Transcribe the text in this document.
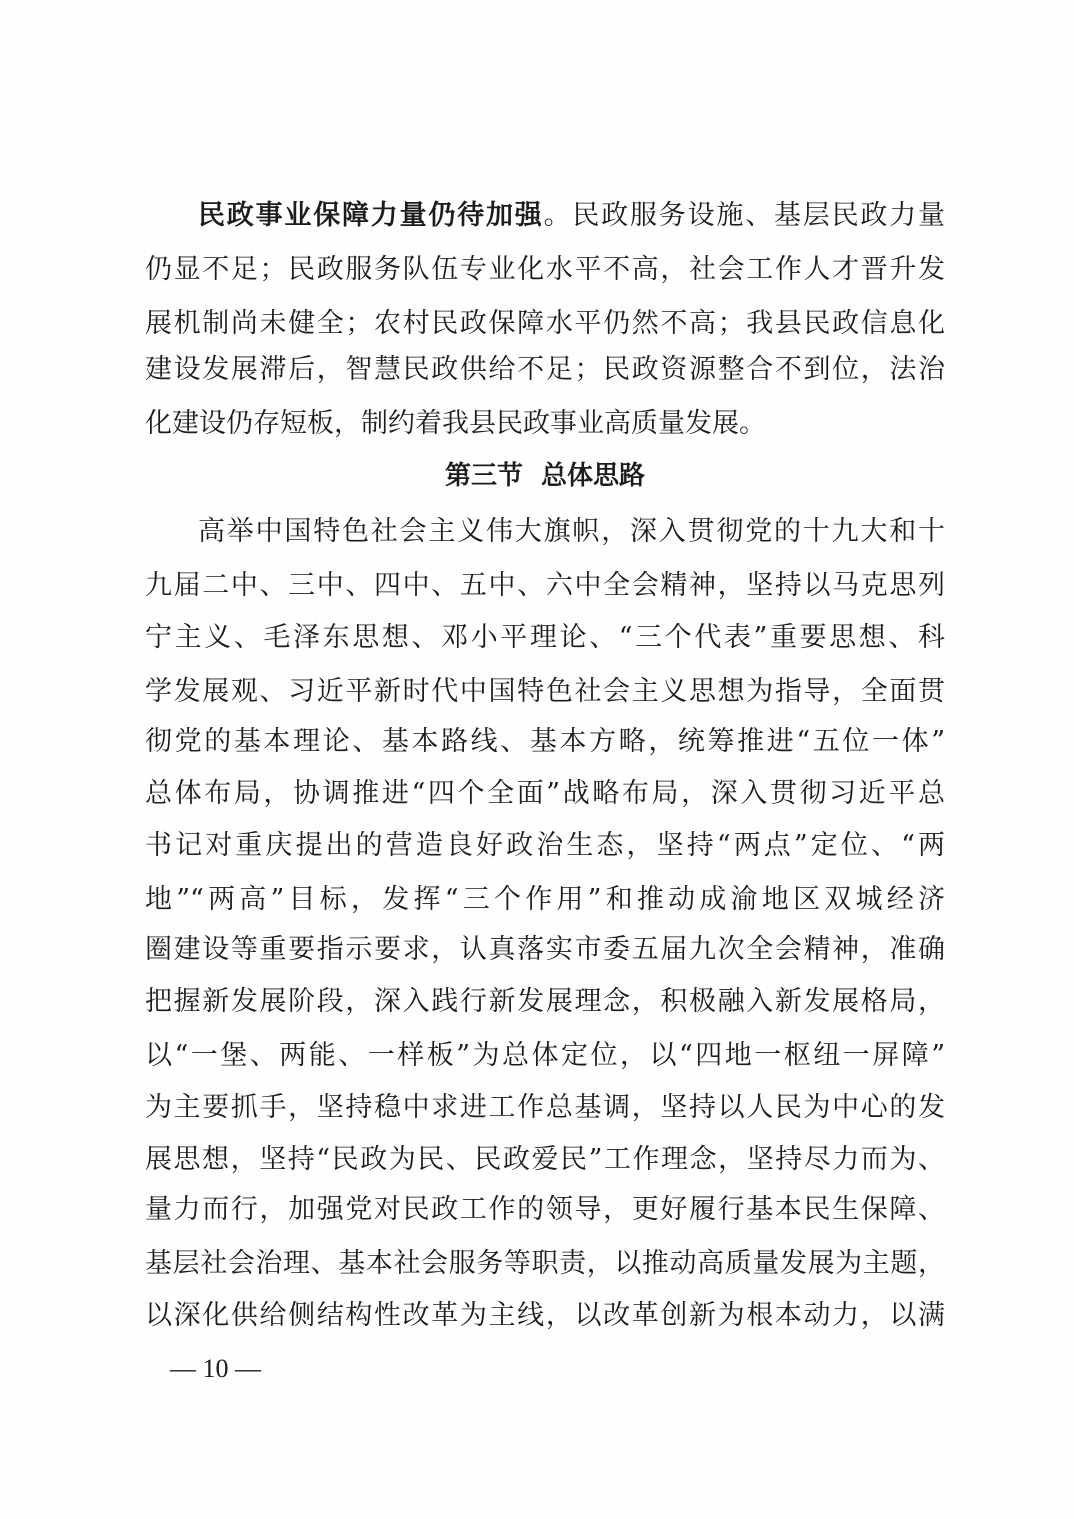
民政事业保障力量仍待加强。民政服务设施、基层民政力量
仍显不足；民政服务队伍专业化水平不高，社会工作人才晋升发
展机制尚未健全；农村民政保障水平仍然不高；我县民政信息化
建设发展滞后，智慧民政供给不足；民政资源整合不到位，法治
化建设仍存短板，制约着我县民政事业高质量发展。
第三节  总体思路
高举中国特色社会主义伟大旗帜，深入贯彻党的十九大和十
九届二中、三中、四中、五中、六中全会精神，坚持以马克思列
宁主义、毛泽东思想、邓小平理论、“三个代表”重要思想、科
学发展观、习近平新时代中国特色社会主义思想为指导，全面贯
彻党的基本理论、基本路线、基本方略，统筹推进“五位一体”
总体布局，协调推进“四个全面”战略布局，深入贯彻习近平总
书记对重庆提出的营造良好政治生态，坚持“两点”定位、“两
地”“两高”目标，发挥“三个作用”和推动成渝地区双城经济
圈建设等重要指示要求，认真落实市委五届九次全会精神，准确
把握新发展阶段，深入践行新发展理念，积极融入新发展格局，
以“一堡、两能、一样板”为总体定位，以“四地一枢纽一屏障”
为主要抓手，坚持稳中求进工作总基调，坚持以人民为中心的发
展思想，坚持“民政为民、民政爱民”工作理念，坚持尽力而为、
量力而行，加强党对民政工作的领导，更好履行基本民生保障、
基层社会治理、基本社会服务等职责，以推动高质量发展为主题，
以深化供给侧结构性改革为主线，以改革创新为根本动力，以满
— 10 —
